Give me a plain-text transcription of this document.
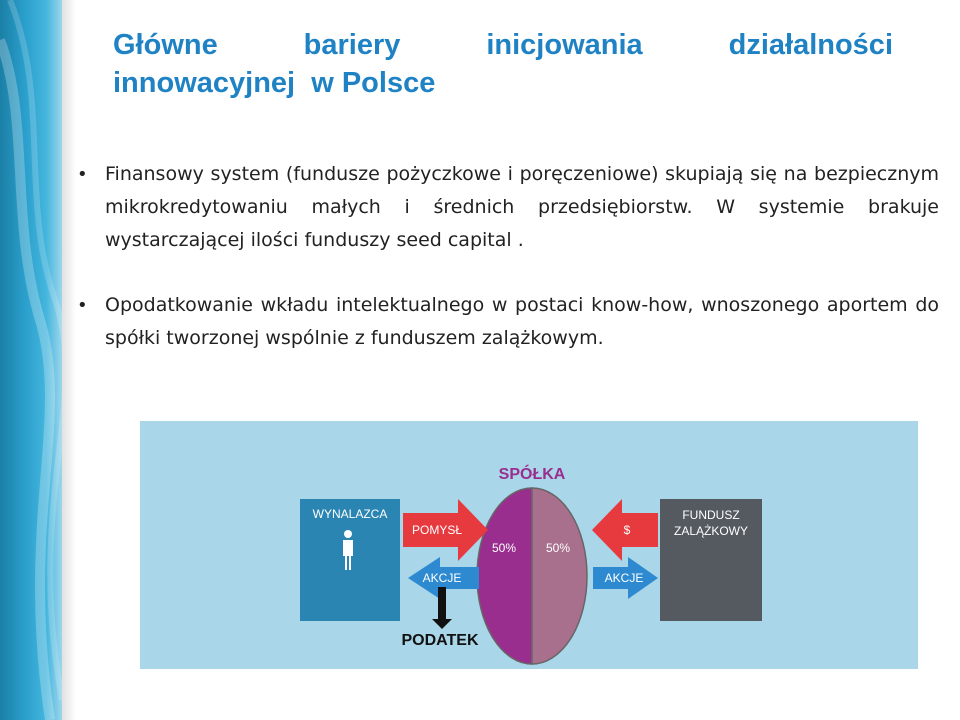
Główne	bariery	inicjowania	działalności
innowacyjnej  w Polsce
• Finansowy system (fundusze pożyczkowe i poręczeniowe) skupiają się na bezpiecznym mikrokredytowaniu małych i średnich przedsiębiorstw. W systemie brakuje wystarczającej ilości funduszy seed capital .
• Opodatkowanie wkładu intelektualnego w postaci know-how, wnoszonego aportem do spółki tworzonej wspólnie z funduszem zalążkowym.
SPÓŁKA
WYNALAZCA	FUNDUSZ
ZALĄŻKOWY
50% 50%
POMYSŁ	$
AKCJE	AKCJE
PODATEK
